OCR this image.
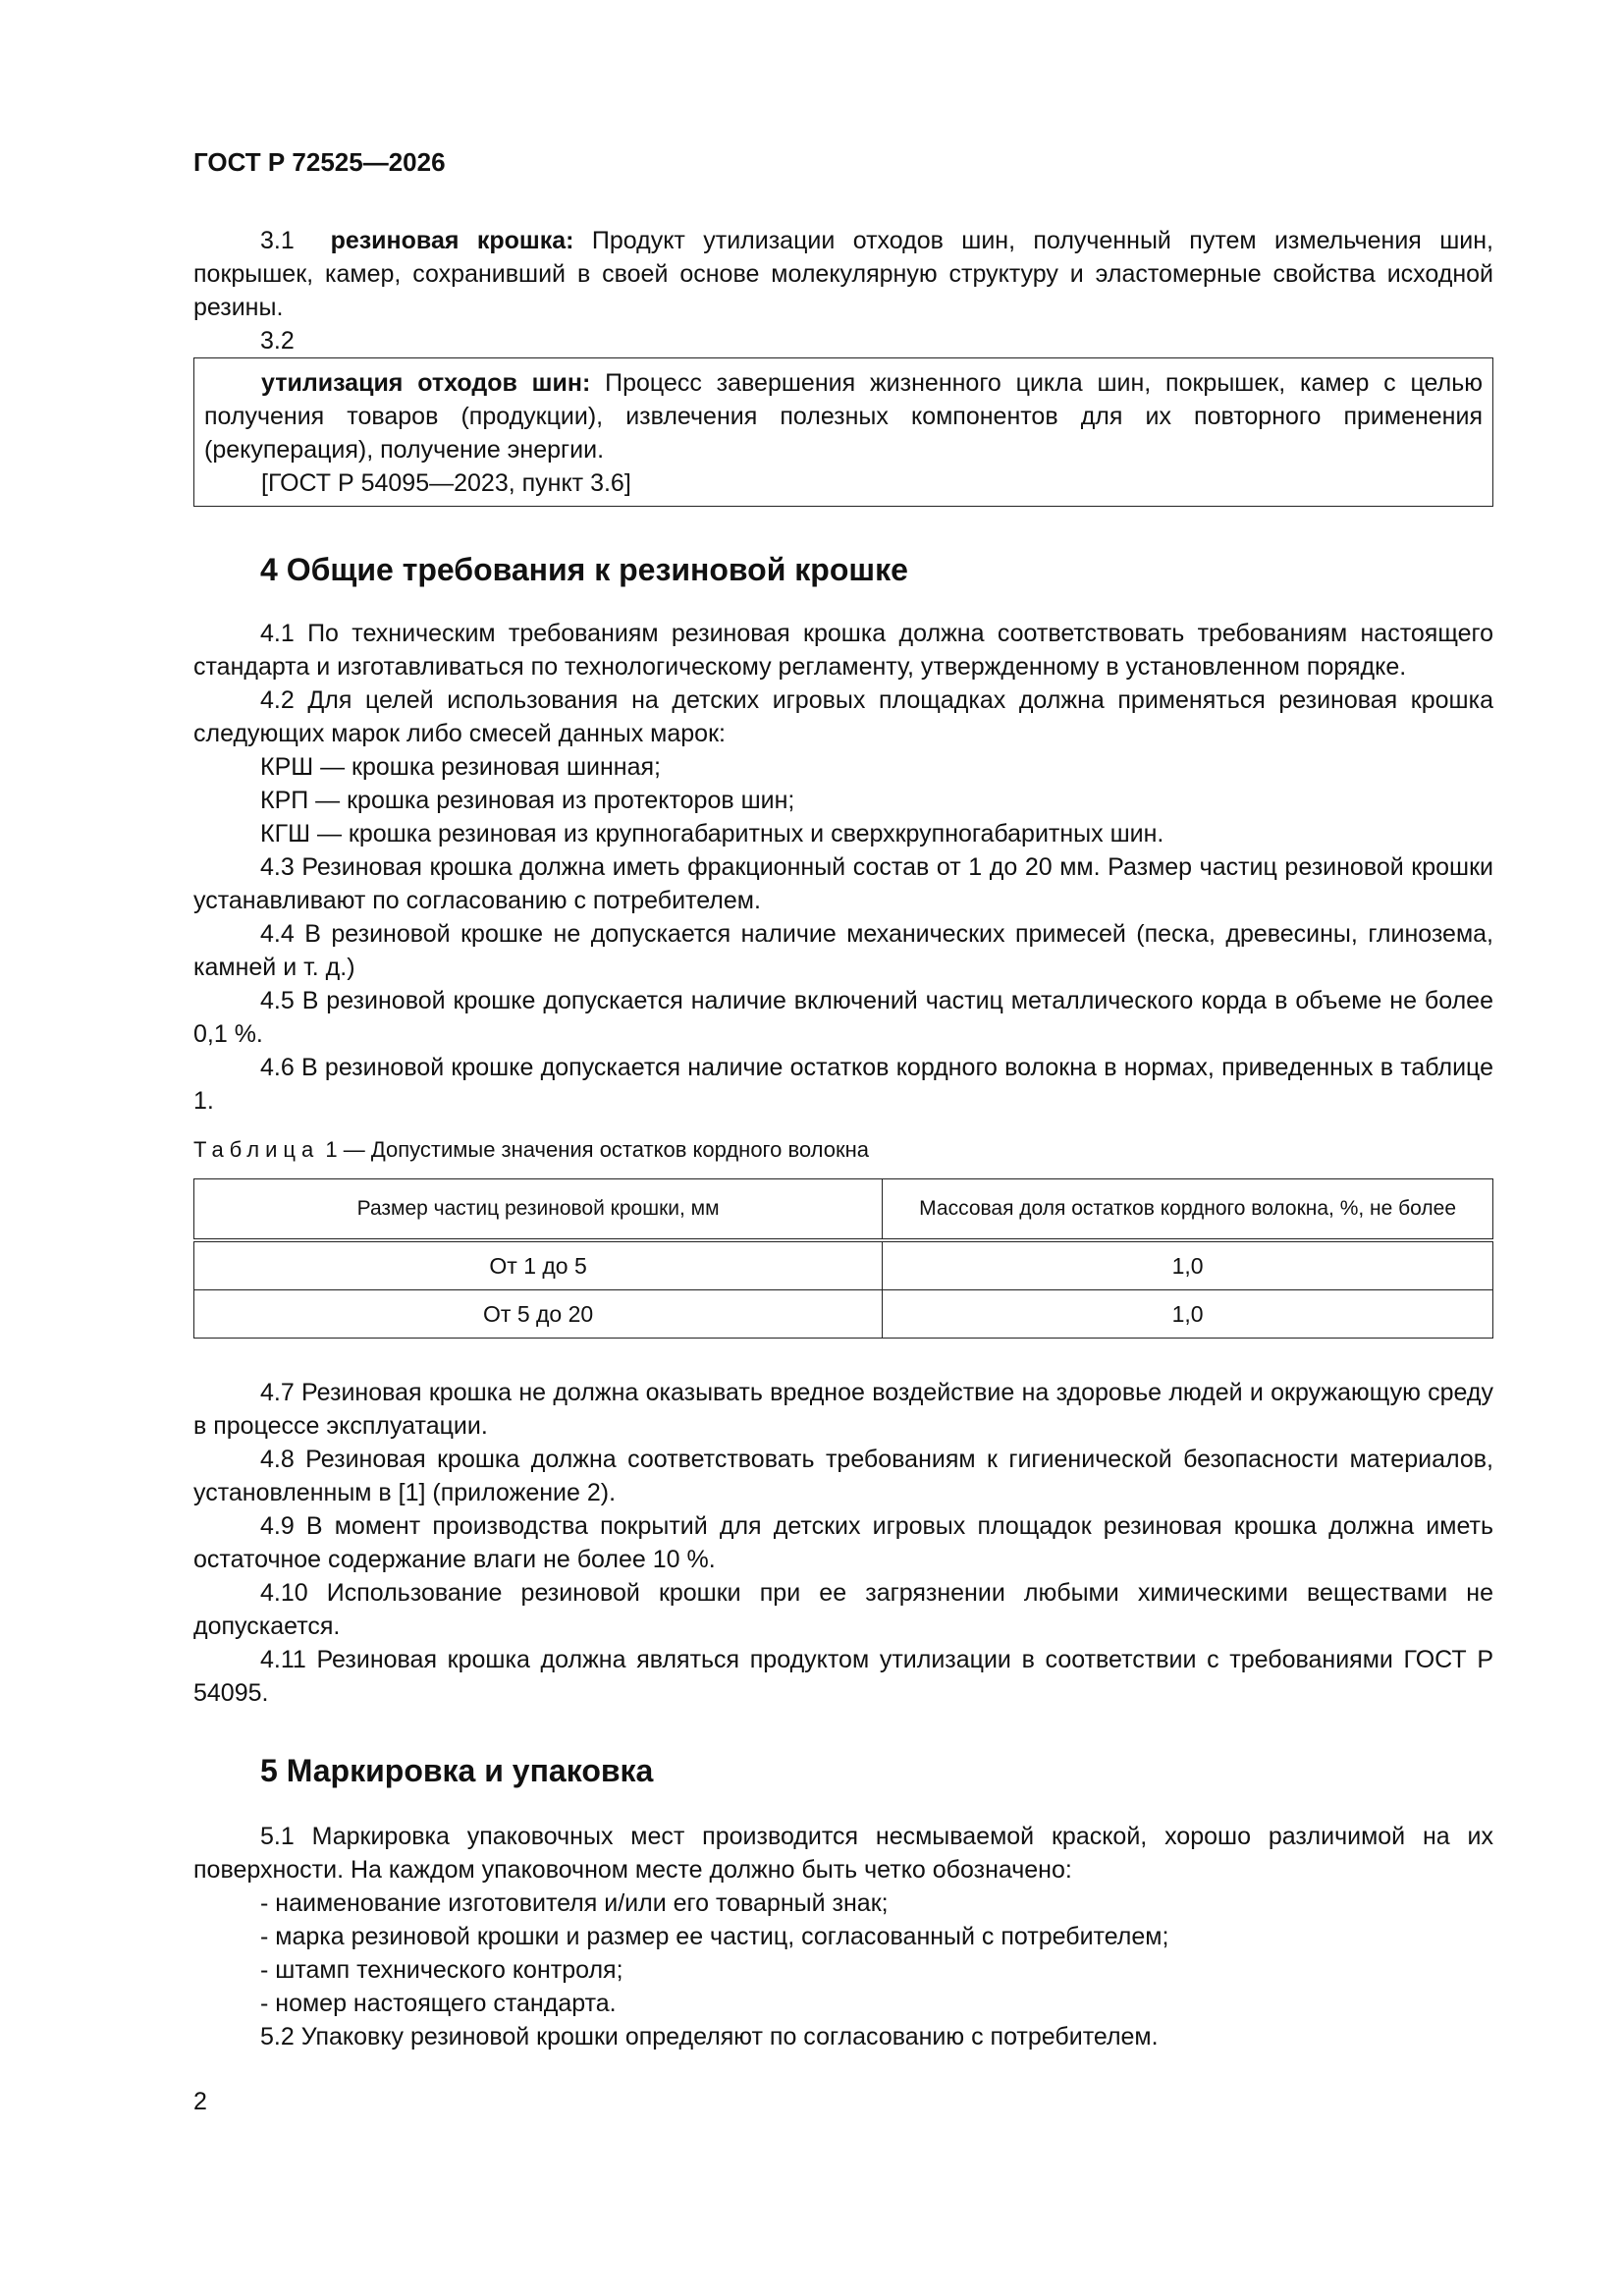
ГОСТ Р 72525—2026

3.1 резиновая крошка: Продукт утилизации отходов шин, полученный путем измельчения шин, покрышек, камер, сохранивший в своей основе молекулярную структуру и эластомерные свойства исходной резины.

3.2

утилизация отходов шин: Процесс завершения жизненного цикла шин, покрышек, камер с целью получения товаров (продукции), извлечения полезных компонентов для их повторного применения (рекуперация), получение энергии.

[ГОСТ Р 54095—2023, пункт 3.6]

4 Общие требования к резиновой крошке

4.1 По техническим требованиям резиновая крошка должна соответствовать требованиям настоящего стандарта и изготавливаться по технологическому регламенту, утвержденному в установленном порядке.

4.2 Для целей использования на детских игровых площадках должна применяться резиновая крошка следующих марок либо смесей данных марок:

КРШ — крошка резиновая шинная;

КРП — крошка резиновая из протекторов шин;

КГШ — крошка резиновая из крупногабаритных и сверхкрупногабаритных шин.

4.3 Резиновая крошка должна иметь фракционный состав от 1 до 20 мм. Размер частиц резиновой крошки устанавливают по согласованию с потребителем.

4.4 В резиновой крошке не допускается наличие механических примесей (песка, древесины, глинозема, камней и т. д.)

4.5 В резиновой крошке допускается наличие включений частиц металлического корда в объеме не более 0,1 %.

4.6 В резиновой крошке допускается наличие остатков кордного волокна в нормах, приведенных в таблице 1.

Таблица 1 — Допустимые значения остатков кордного волокна
Размер частиц резиновой крошки, мм	Массовая доля остатков кордного волокна, %, не более
От 1 до 5	1,0
От 5 до 20	1,0

4.7 Резиновая крошка не должна оказывать вредное воздействие на здоровье людей и окружающую среду в процессе эксплуатации.

4.8 Резиновая крошка должна соответствовать требованиям к гигиенической безопасности материалов, установленным в [1] (приложение 2).

4.9 В момент производства покрытий для детских игровых площадок резиновая крошка должна иметь остаточное содержание влаги не более 10 %.

4.10 Использование резиновой крошки при ее загрязнении любыми химическими веществами не допускается.

4.11 Резиновая крошка должна являться продуктом утилизации в соответствии с требованиями ГОСТ Р 54095.

5 Маркировка и упаковка

5.1 Маркировка упаковочных мест производится несмываемой краской, хорошо различимой на их поверхности. На каждом упаковочном месте должно быть четко обозначено:

- наименование изготовителя и/или его товарный знак;

- марка резиновой крошки и размер ее частиц, согласованный с потребителем;

- штамп технического контроля;

- номер настоящего стандарта.

5.2 Упаковку резиновой крошки определяют по согласованию с потребителем.

2
